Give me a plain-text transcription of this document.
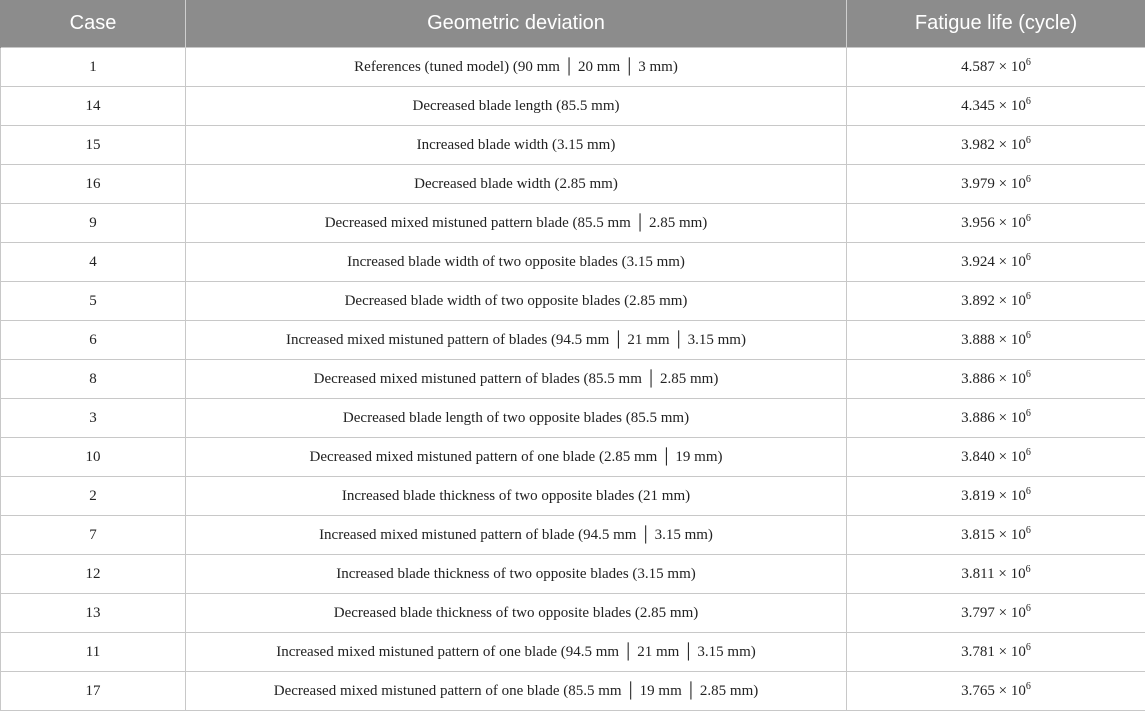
Case	Geometric deviation	Fatigue life (cycle)
1	References (tuned model) (90 mm │ 20 mm │ 3 mm)	$4.587 \times 10^6$
14	Decreased blade length (85.5 mm)	$4.345 \times 10^6$
15	Increased blade width (3.15 mm)	$3.982 \times 10^6$
16	Decreased blade width (2.85 mm)	$3.979 \times 10^6$
9	Decreased mixed mistuned pattern blade (85.5 mm │ 2.85 mm)	$3.956 \times 10^6$
4	Increased blade width of two opposite blades (3.15 mm)	$3.924 \times 10^6$
5	Decreased blade width of two opposite blades (2.85 mm)	$3.892 \times 10^6$
6	Increased mixed mistuned pattern of blades (94.5 mm │ 21 mm │ 3.15 mm)	$3.888 \times 10^6$
8	Decreased mixed mistuned pattern of blades (85.5 mm │ 2.85 mm)	$3.886 \times 10^6$
3	Decreased blade length of two opposite blades (85.5 mm)	$3.886 \times 10^6$
10	Decreased mixed mistuned pattern of one blade (2.85 mm │ 19 mm)	$3.840 \times 10^6$
2	Increased blade thickness of two opposite blades (21 mm)	$3.819 \times 10^6$
7	Increased mixed mistuned pattern of blade (94.5 mm │ 3.15 mm)	$3.815 \times 10^6$
12	Increased blade thickness of two opposite blades (3.15 mm)	$3.811 \times 10^6$
13	Decreased blade thickness of two opposite blades (2.85 mm)	$3.797 \times 10^6$
11	Increased mixed mistuned pattern of one blade (94.5 mm │ 21 mm │ 3.15 mm)	$3.781 \times 10^6$
17	Decreased mixed mistuned pattern of one blade (85.5 mm │ 19 mm │ 2.85 mm)	$3.765 \times 10^6$
